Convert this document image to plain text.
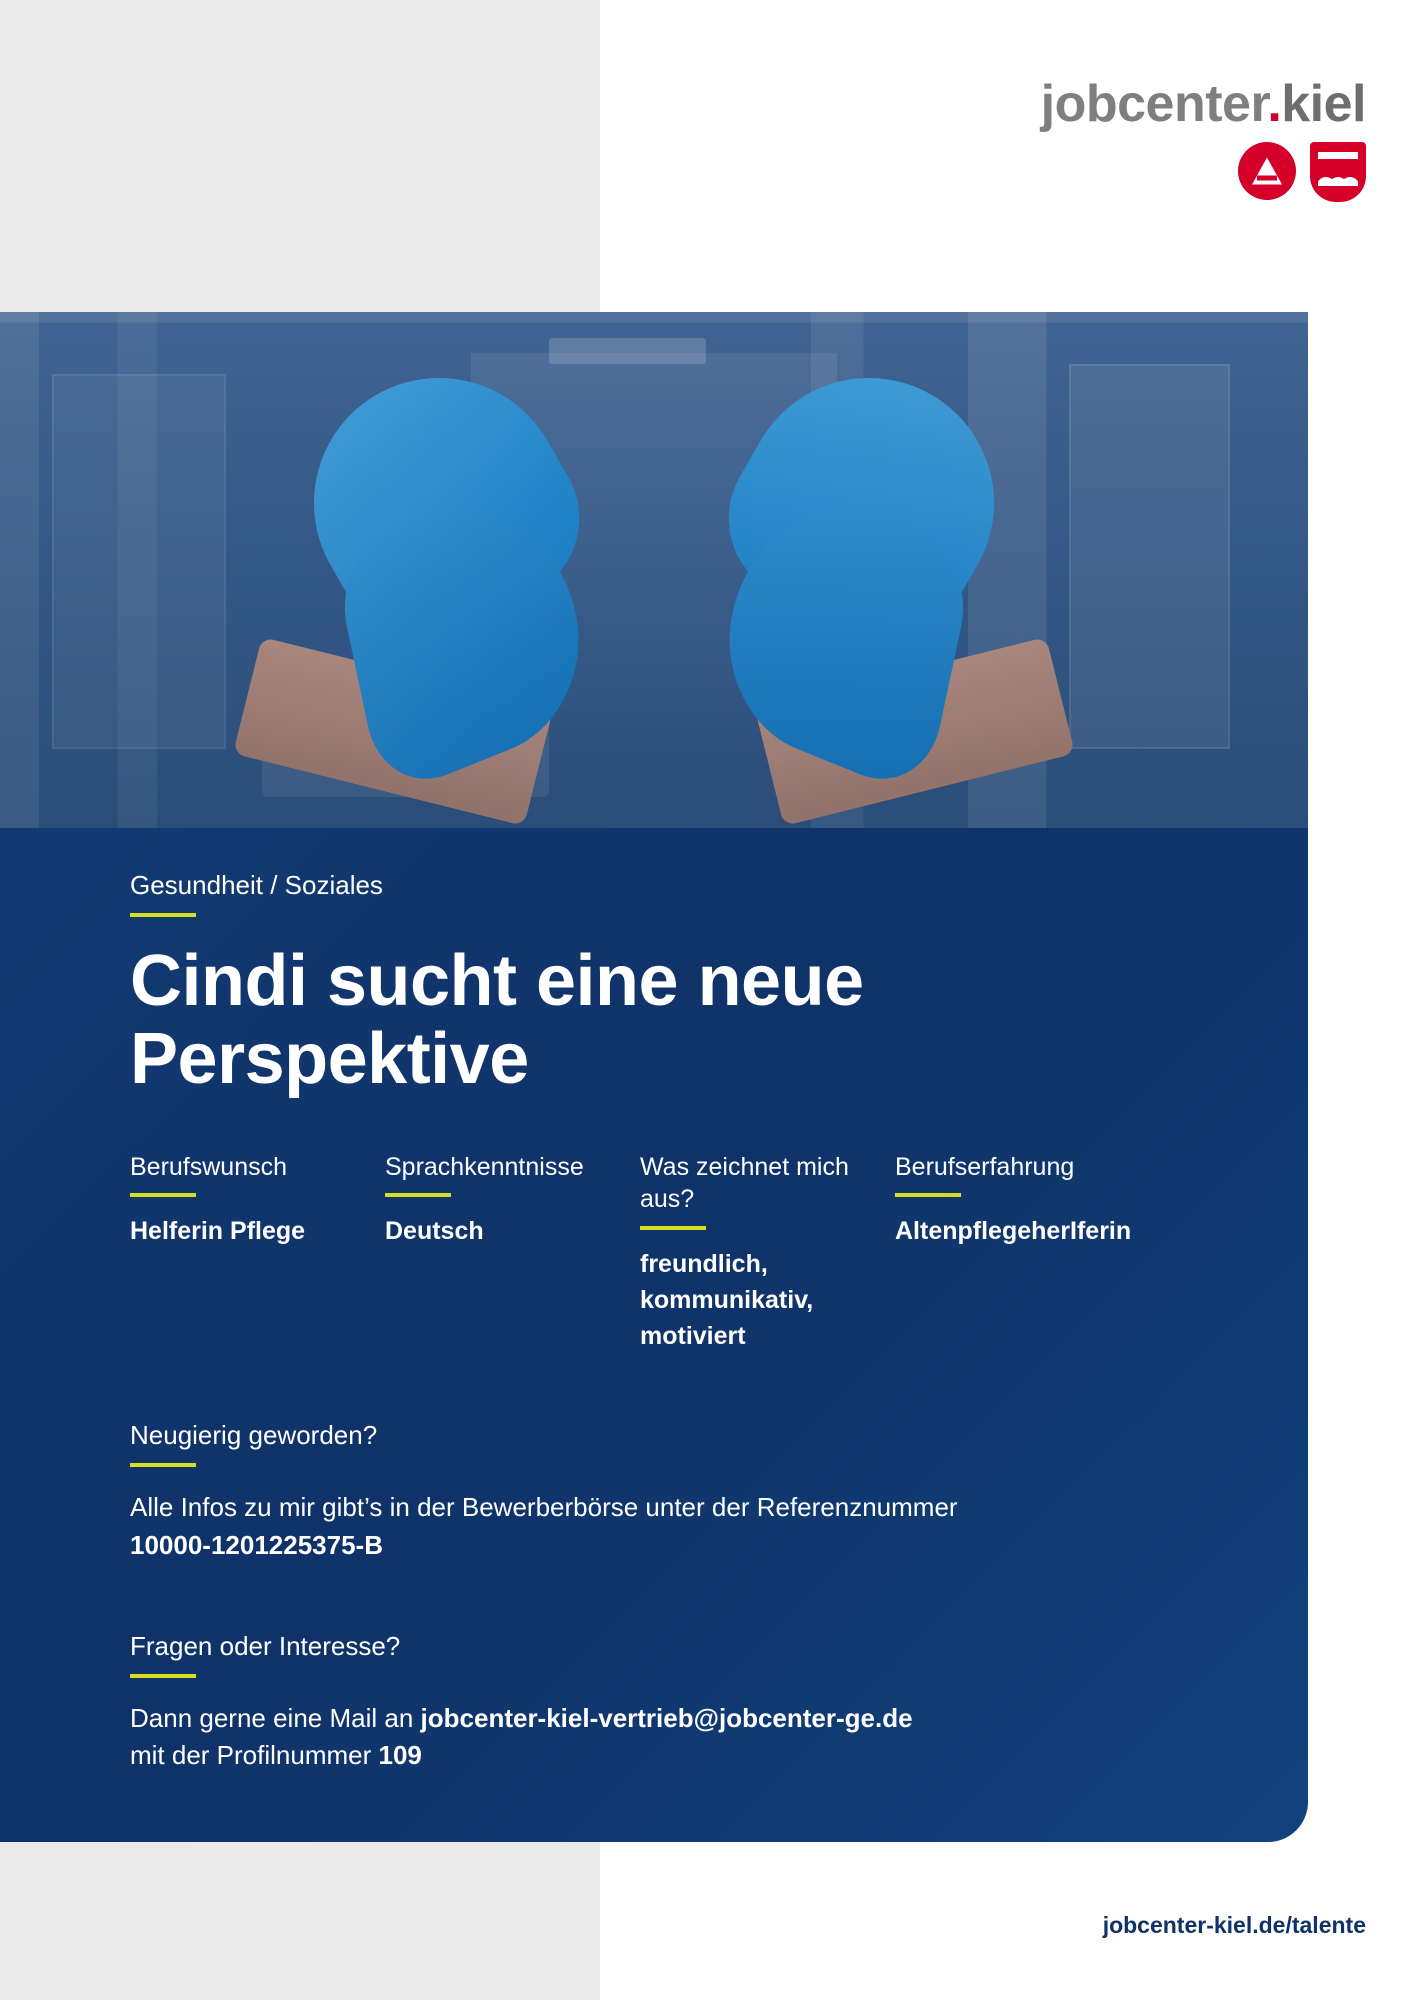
jobcenter.kiel
Gesundheit / Soziales
Cindi sucht eine neue Perspektive
Berufswunsch
Helferin Pflege
Sprachkenntnisse
Deutsch
Was zeichnet mich aus?
freundlich, kommunikativ, motiviert
Berufserfahrung
AltenpflegeherIferin
Neugierig geworden?
Alle Infos zu mir gibt’s in der Bewerberbörse unter der Referenznummer
10000-1201225375-B
Fragen oder Interesse?
Dann gerne eine Mail an jobcenter-kiel-vertrieb@jobcenter-ge.de
mit der Profilnummer 109
jobcenter-kiel.de/talente
